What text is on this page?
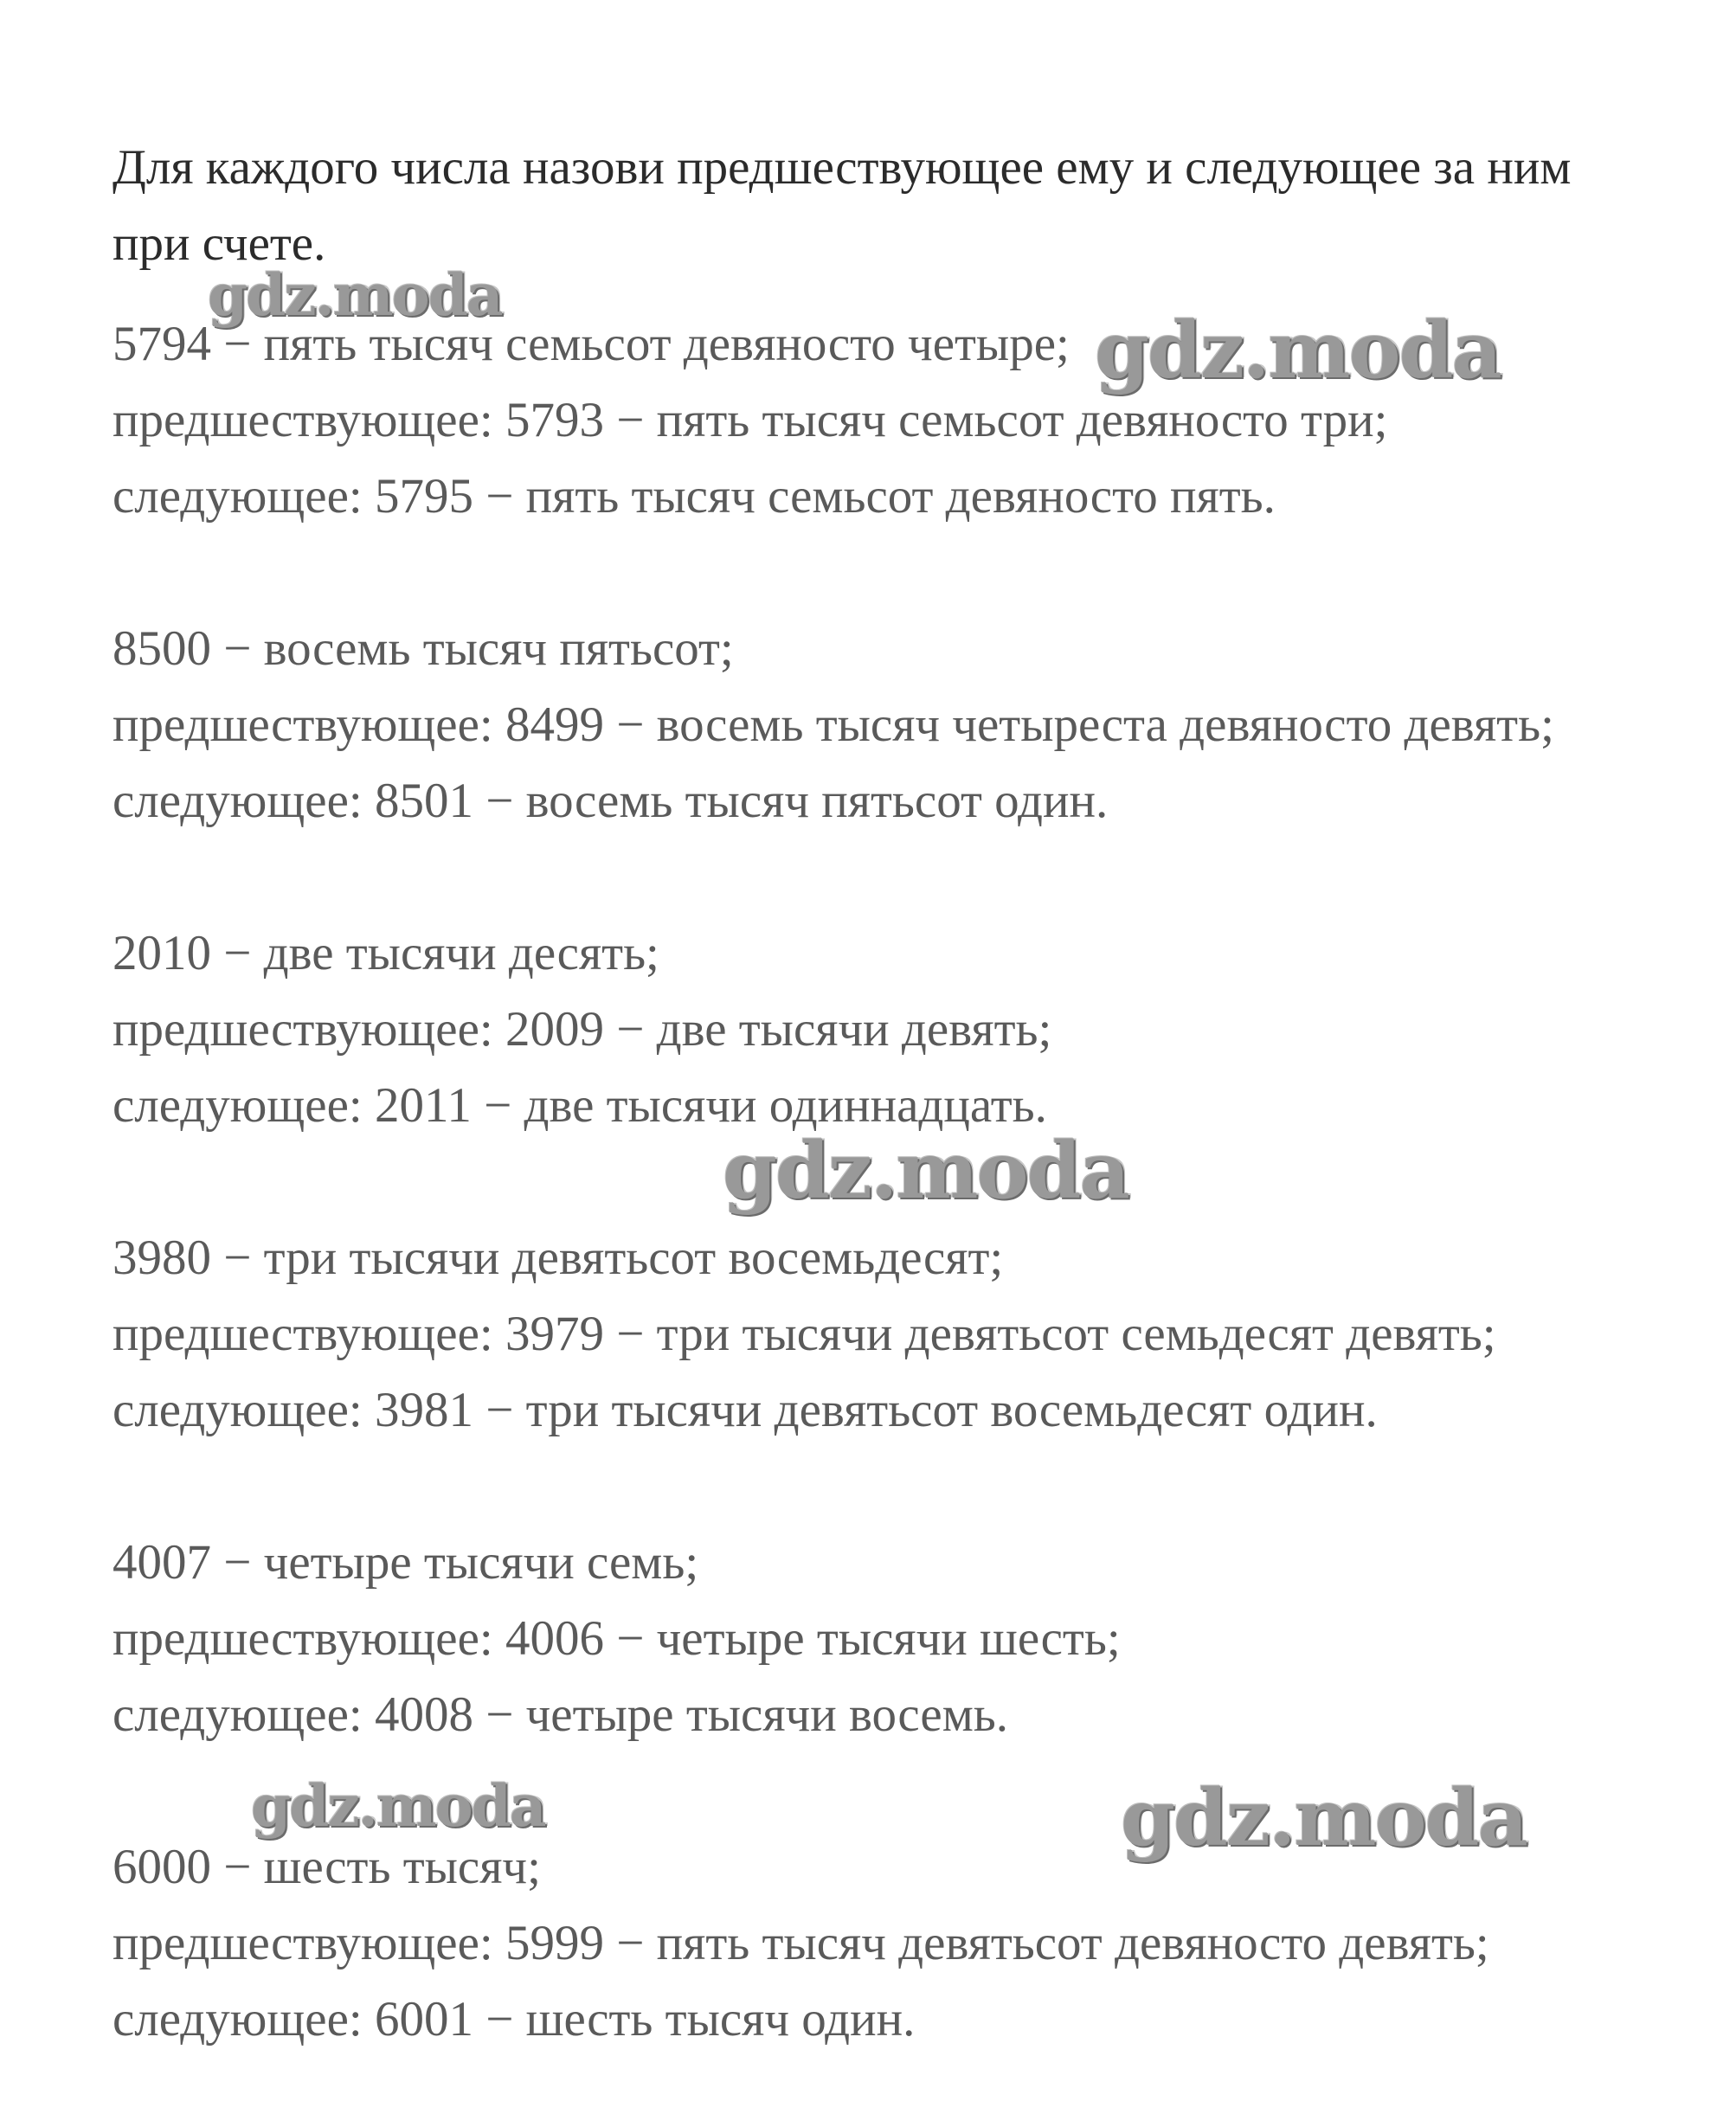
Для каждого числа назови предшествующее ему и следующее за ним
при счете.
5794 − пять тысяч семьсот девяносто четыре;
предшествующее: 5793 − пять тысяч семьсот девяносто три;
следующее: 5795 − пять тысяч семьсот девяносто пять.
8500 − восемь тысяч пятьсот;
предшествующее: 8499 − восемь тысяч четыреста девяносто девять;
следующее: 8501 − восемь тысяч пятьсот один.
2010 − две тысячи десять;
предшествующее: 2009 − две тысячи девять;
следующее: 2011 − две тысячи одиннадцать.
3980 − три тысячи девятьсот восемьдесят;
предшествующее: 3979 − три тысячи девятьсот семьдесят девять;
следующее: 3981 − три тысячи девятьсот восемьдесят один.
4007 − четыре тысячи семь;
предшествующее: 4006 − четыре тысячи шесть;
следующее: 4008 − четыре тысячи восемь.
6000 − шесть тысяч;
предшествующее: 5999 − пять тысяч девятьсот девяносто девять;
следующее: 6001 − шесть тысяч один.
gdz.moda
gdz.moda
gdz.moda
gdz.moda	gdz.moda
